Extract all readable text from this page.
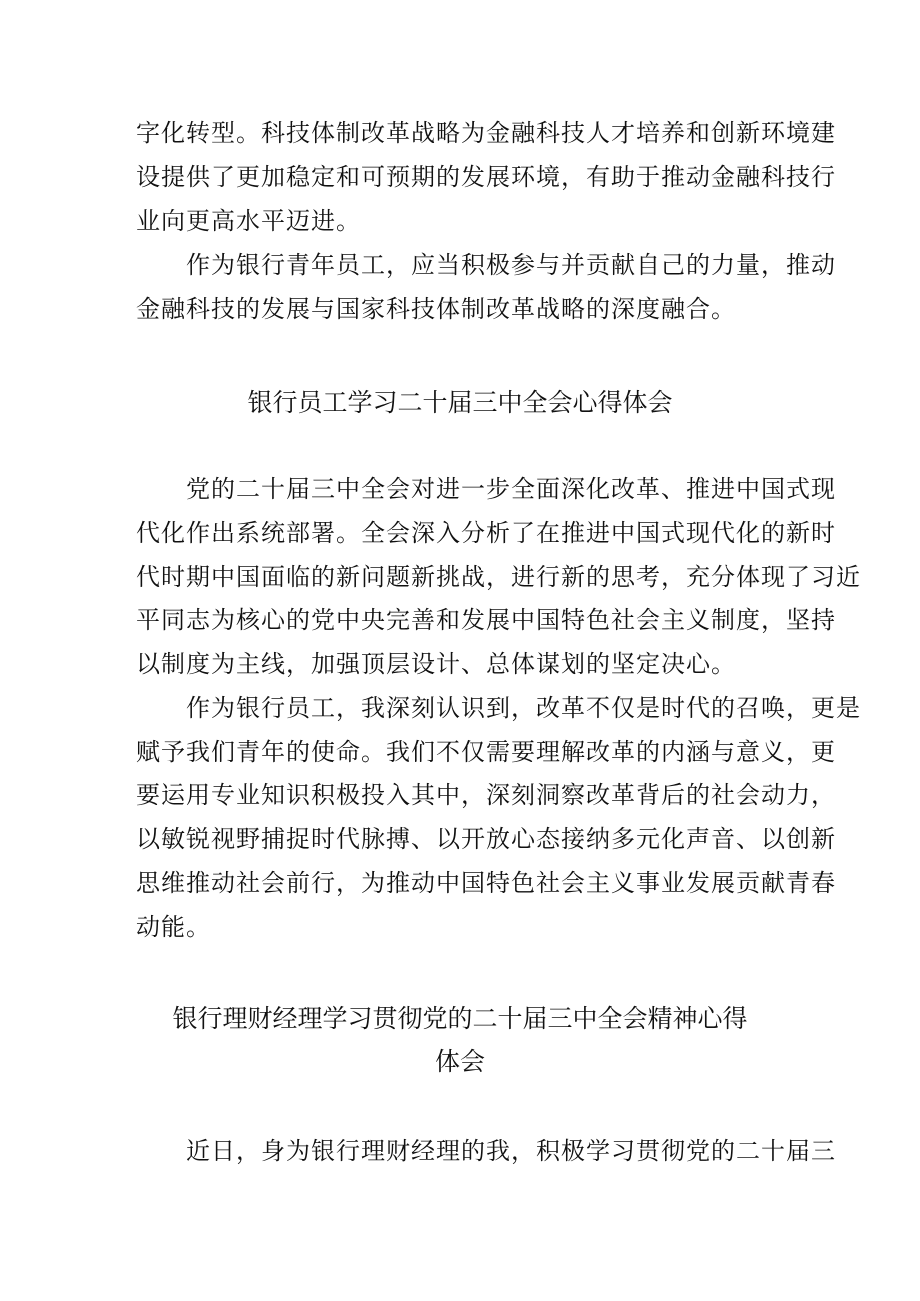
字化转型。科技体制改革战略为金融科技人才培养和创新环境建
设提供了更加稳定和可预期的发展环境，有助于推动金融科技行
业向更高水平迈进。
作为银行青年员工，应当积极参与并贡献自己的力量，推动
金融科技的发展与国家科技体制改革战略的深度融合。
银行员工学习二十届三中全会心得体会
党的二十届三中全会对进一步全面深化改革、推进中国式现
代化作出系统部署。全会深入分析了在推进中国式现代化的新时
代时期中国面临的新问题新挑战，进行新的思考，充分体现了习近
平同志为核心的党中央完善和发展中国特色社会主义制度，坚持
以制度为主线，加强顶层设计、总体谋划的坚定决心。
作为银行员工，我深刻认识到，改革不仅是时代的召唤，更是
赋予我们青年的使命。我们不仅需要理解改革的内涵与意义，更
要运用专业知识积极投入其中，深刻洞察改革背后的社会动力，
以敏锐视野捕捉时代脉搏、以开放心态接纳多元化声音、以创新
思维推动社会前行，为推动中国特色社会主义事业发展贡献青春
动能。
银行理财经理学习贯彻党的二十届三中全会精神心得
体会
近日，身为银行理财经理的我，积极学习贯彻党的二十届三
